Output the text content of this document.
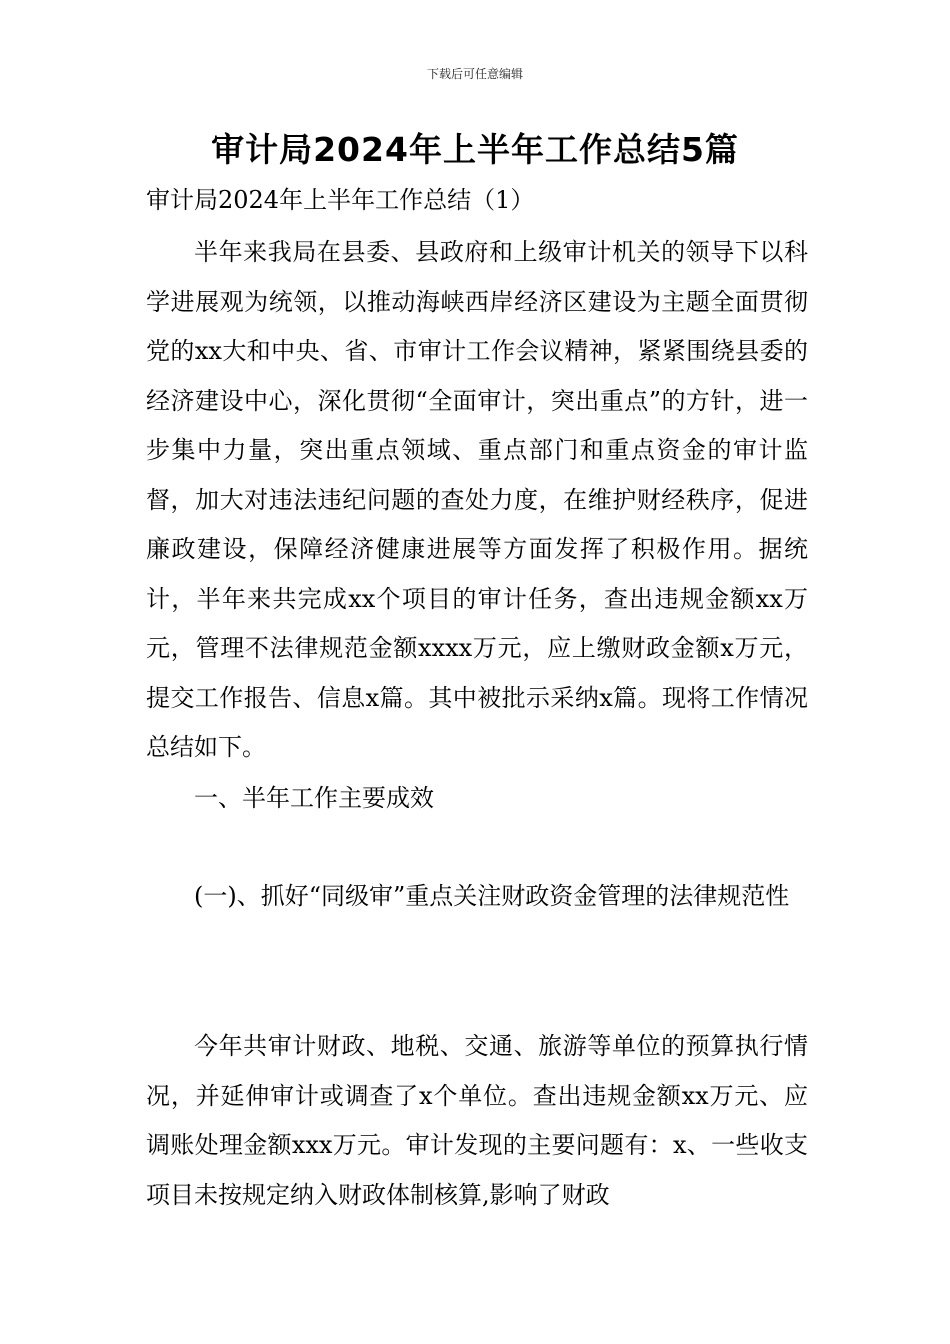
下载后可任意编辑
审计局2024年上半年工作总结5篇

审计局2024年上半年工作总结（1）

半年来我局在县委、县政府和上级审计机关的领导下以科学进展观为统领，以推动海峡西岸经济区建设为主题全面贯彻党的xx大和中央、省、市审计工作会议精神，紧紧围绕县委的经济建设中心，深化贯彻“全面审计，突出重点”的方针，进一步集中力量，突出重点领域、重点部门和重点资金的审计监督，加大对违法违纪问题的查处力度，在维护财经秩序，促进廉政建设，保障经济健康进展等方面发挥了积极作用。据统计，半年来共完成xx个项目的审计任务，查出违规金额xx万元，管理不法律规范金额xxxx万元，应上缴财政金额x万元，提交工作报告、信息x篇。其中被批示采纳x篇。现将工作情况总结如下。

一、半年工作主要成效

(一)、抓好“同级审”重点关注财政资金管理的法律规范性

今年共审计财政、地税、交通、旅游等单位的预算执行情况，并延伸审计或调查了x个单位。查出违规金额xx万元、应调账处理金额xxx万元。审计发现的主要问题有：x、一些收支项目未按规定纳入财政体制核算,影响了财政
